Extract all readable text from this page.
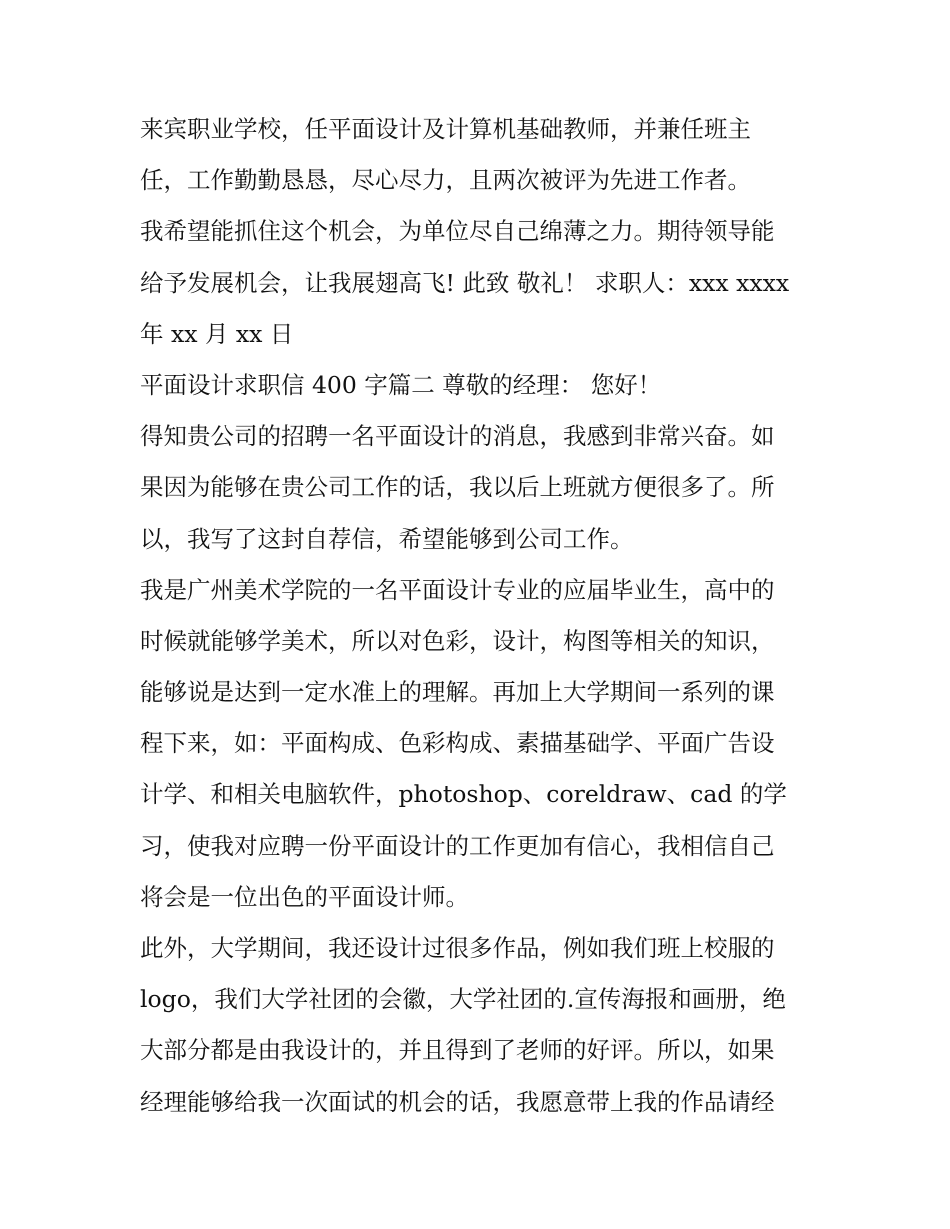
来宾职业学校，任平面设计及计算机基础教师，并兼任班主
任，工作勤勤恳恳，尽心尽力，且两次被评为先进工作者。
我希望能抓住这个机会，为单位尽自己绵薄之力。期待领导能
给予发展机会，让我展翅高飞! 此致 敬礼！ 求职人：xxx xxxx
年 xx 月 xx 日
平面设计求职信 400 字篇二 尊敬的经理： 您好！
得知贵公司的招聘一名平面设计的消息，我感到非常兴奋。如
果因为能够在贵公司工作的话，我以后上班就方便很多了。所
以，我写了这封自荐信，希望能够到公司工作。
我是广州美术学院的一名平面设计专业的应届毕业生，高中的
时候就能够学美术，所以对色彩，设计，构图等相关的知识，
能够说是达到一定水准上的理解。再加上大学期间一系列的课
程下来，如：平面构成、色彩构成、素描基础学、平面广告设
计学、和相关电脑软件，photoshop、coreldraw、cad 的学
习，使我对应聘一份平面设计的工作更加有信心，我相信自己
将会是一位出色的平面设计师。
此外，大学期间，我还设计过很多作品，例如我们班上校服的
logo，我们大学社团的会徽，大学社团的.宣传海报和画册，绝
大部分都是由我设计的，并且得到了老师的好评。所以，如果
经理能够给我一次面试的机会的话，我愿意带上我的作品请经
